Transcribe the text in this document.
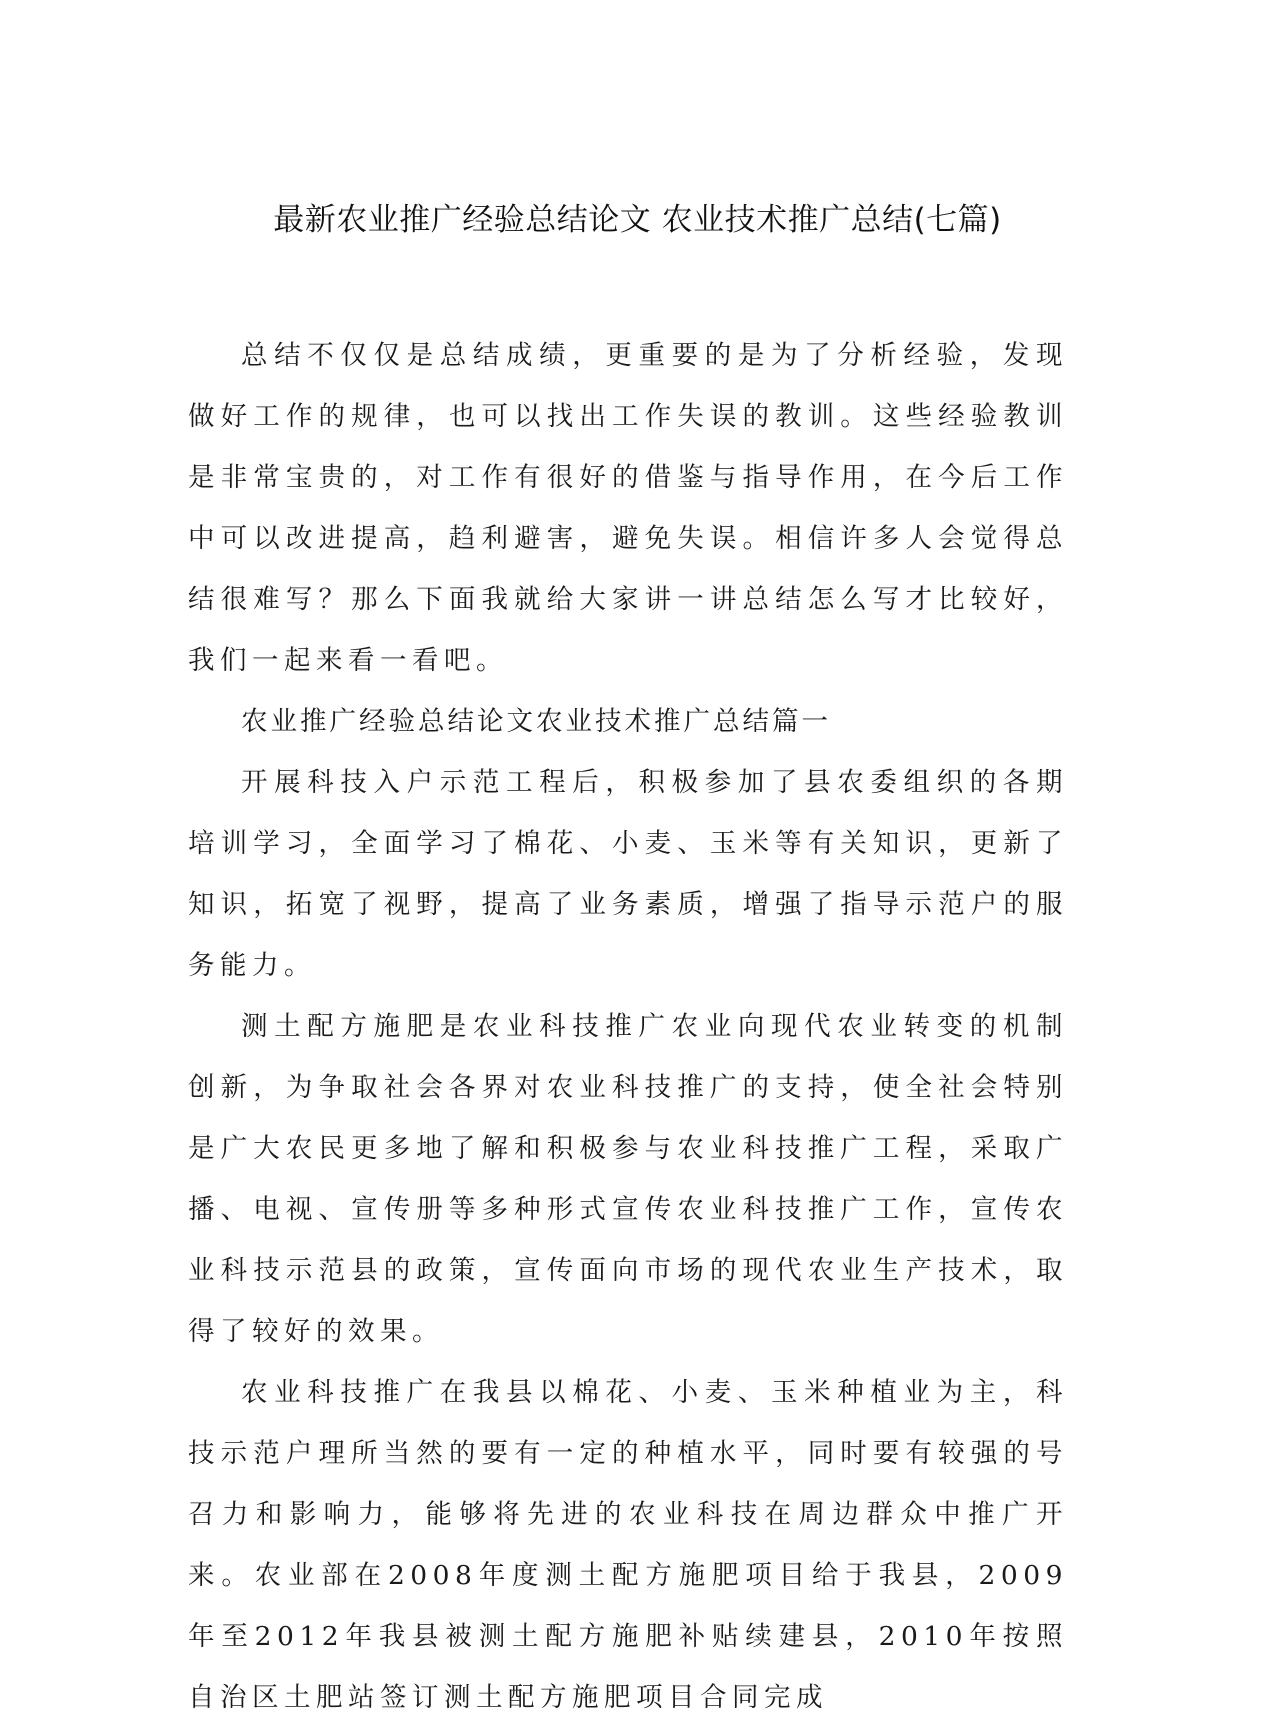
最新农业推广经验总结论文 农业技术推广总结(七篇)

总结不仅仅是总结成绩，更重要的是为了分析经验，发现做好工作的规律，也可以找出工作失误的教训。这些经验教训是非常宝贵的，对工作有很好的借鉴与指导作用，在今后工作中可以改进提高，趋利避害，避免失误。相信许多人会觉得总结很难写？那么下面我就给大家讲一讲总结怎么写才比较好，我们一起来看一看吧。

农业推广经验总结论文农业技术推广总结篇一

开展科技入户示范工程后，积极参加了县农委组织的各期培训学习，全面学习了棉花、小麦、玉米等有关知识，更新了知识，拓宽了视野，提高了业务素质，增强了指导示范户的服务能力。

测土配方施肥是农业科技推广农业向现代农业转变的机制创新，为争取社会各界对农业科技推广的支持，使全社会特别是广大农民更多地了解和积极参与农业科技推广工程，采取广播、电视、宣传册等多种形式宣传农业科技推广工作，宣传农业科技示范县的政策，宣传面向市场的现代农业生产技术，取得了较好的效果。

农业科技推广在我县以棉花、小麦、玉米种植业为主，科技示范户理所当然的要有一定的种植水平，同时要有较强的号召力和影响力，能够将先进的农业科技在周边群众中推广开来。农业部在2008年度测土配方施肥项目给于我县，2009年至2012年我县被测土配方施肥补贴续建县，2010年按照自治区土肥站签订测土配方施肥项目合同完成
